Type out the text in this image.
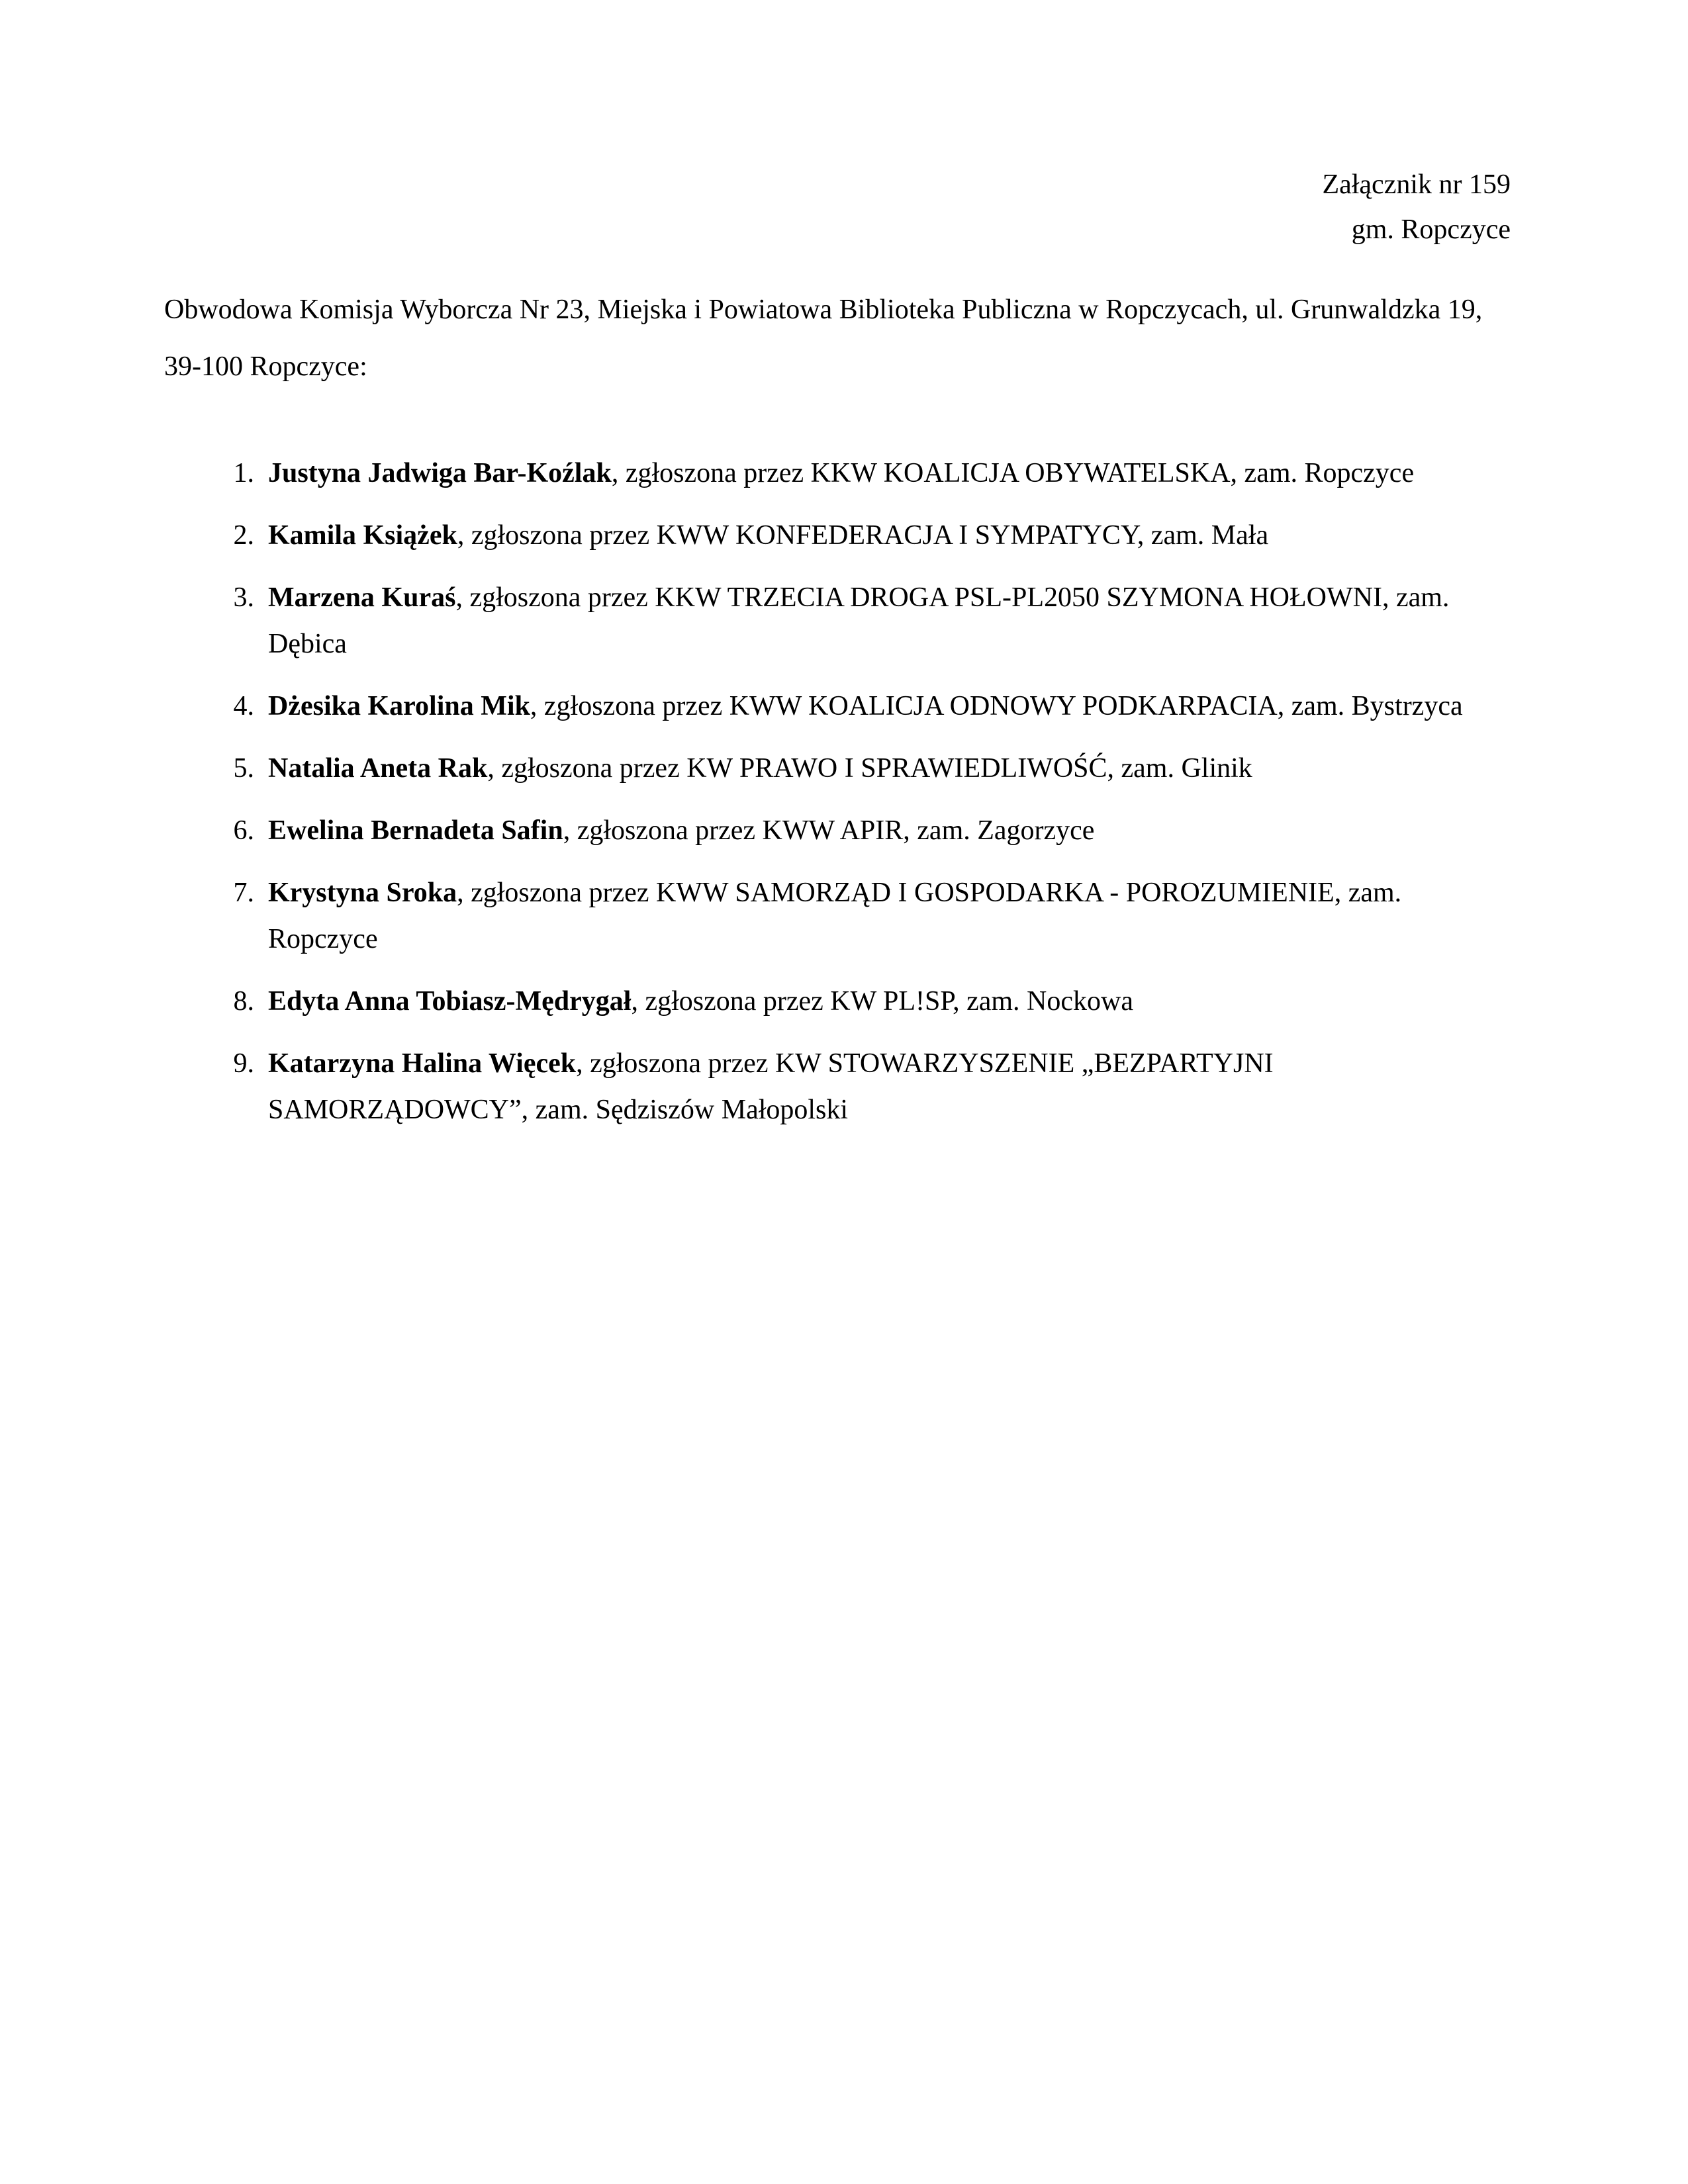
Załącznik nr 159
gm. Ropczyce
Obwodowa Komisja Wyborcza Nr 23, Miejska i Powiatowa Biblioteka Publiczna w Ropczycach, ul. Grunwaldzka 19, 39-100 Ropczyce:
1. Justyna Jadwiga Bar-Koźlak, zgłoszona przez KKW KOALICJA OBYWATELSKA, zam. Ropczyce
2. Kamila Książek, zgłoszona przez KWW KONFEDERACJA I SYMPATYCY, zam. Mała
3. Marzena Kuraś, zgłoszona przez KKW TRZECIA DROGA PSL-PL2050 SZYMONA HOŁOWNI, zam. Dębica
4. Dżesika Karolina Mik, zgłoszona przez KWW KOALICJA ODNOWY PODKARPACIA, zam. Bystrzyca
5. Natalia Aneta Rak, zgłoszona przez KW PRAWO I SPRAWIEDLIWOŚĆ, zam. Glinik
6. Ewelina Bernadeta Safin, zgłoszona przez KWW APIR, zam. Zagorzyce
7. Krystyna Sroka, zgłoszona przez KWW SAMORZĄD I GOSPODARKA - POROZUMIENIE, zam. Ropczyce
8. Edyta Anna Tobiasz-Mędrygał, zgłoszona przez KW PL!SP, zam. Nockowa
9. Katarzyna Halina Więcek, zgłoszona przez KW STOWARZYSZENIE „BEZPARTYJNI SAMORZĄDOWCY”, zam. Sędziszów Małopolski
